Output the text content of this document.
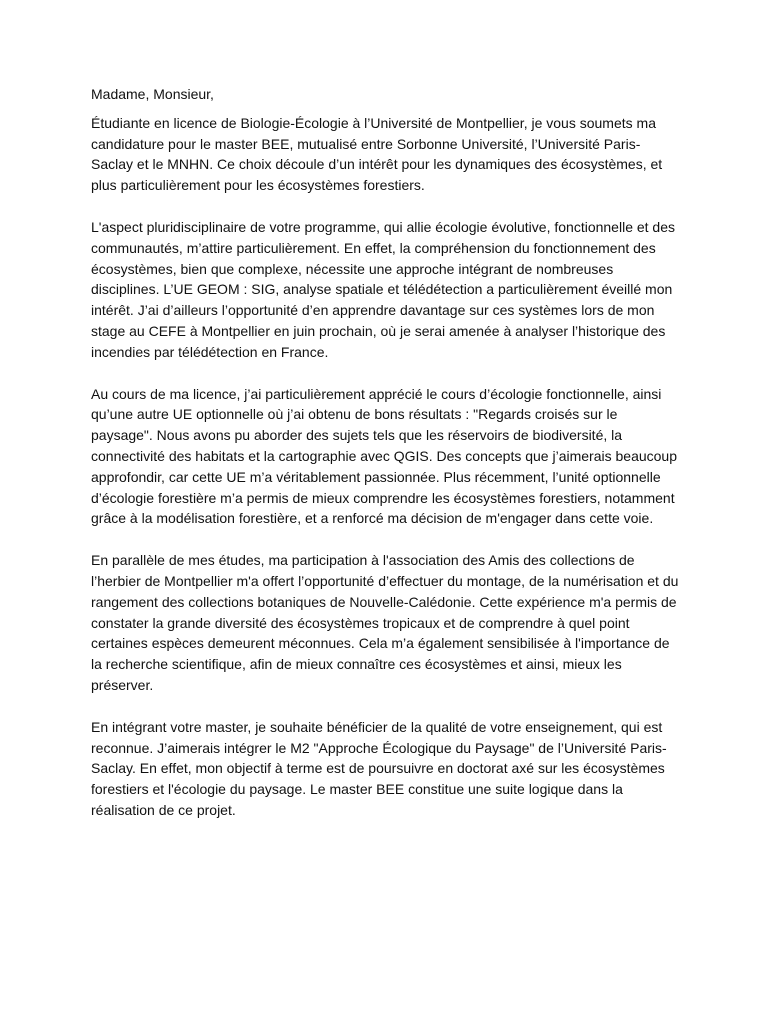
Madame, Monsieur,

Étudiante en licence de Biologie-Écologie à l’Université de Montpellier, je vous soumets ma candidature pour le master BEE, mutualisé entre Sorbonne Université, l’Université Paris-Saclay et le MNHN. Ce choix découle d’un intérêt pour les dynamiques des écosystèmes, et plus particulièrement pour les écosystèmes forestiers.

L'aspect pluridisciplinaire de votre programme, qui allie écologie évolutive, fonctionnelle et des communautés, m’attire particulièrement. En effet, la compréhension du fonctionnement des écosystèmes, bien que complexe, nécessite une approche intégrant de nombreuses disciplines. L’UE GEOM : SIG, analyse spatiale et télédétection a particulièrement éveillé mon intérêt. J’ai d’ailleurs l’opportunité d’en apprendre davantage sur ces systèmes lors de mon stage au CEFE à Montpellier en juin prochain, où je serai amenée à analyser l’historique des incendies par télédétection en France.

Au cours de ma licence, j’ai particulièrement apprécié le cours d’écologie fonctionnelle, ainsi qu’une autre UE optionnelle où j’ai obtenu de bons résultats : "Regards croisés sur le paysage". Nous avons pu aborder des sujets tels que les réservoirs de biodiversité, la connectivité des habitats et la cartographie avec QGIS. Des concepts que j’aimerais beaucoup approfondir, car cette UE m’a véritablement passionnée. Plus récemment, l’unité optionnelle d’écologie forestière m’a permis de mieux comprendre les écosystèmes forestiers, notamment grâce à la modélisation forestière, et a renforcé ma décision de m'engager dans cette voie.

En parallèle de mes études, ma participation à l'association des Amis des collections de l’herbier de Montpellier m'a offert l’opportunité d’effectuer du montage, de la numérisation et du rangement des collections botaniques de Nouvelle-Calédonie. Cette expérience m'a permis de constater la grande diversité des écosystèmes tropicaux et de comprendre à quel point certaines espèces demeurent méconnues. Cela m’a également sensibilisée à l'importance de la recherche scientifique, afin de mieux connaître ces écosystèmes et ainsi, mieux les préserver.

En intégrant votre master, je souhaite bénéficier de la qualité de votre enseignement, qui est reconnue. J’aimerais intégrer le M2 "Approche Écologique du Paysage" de l’Université Paris-Saclay. En effet, mon objectif à terme est de poursuivre en doctorat axé sur les écosystèmes forestiers et l'écologie du paysage. Le master BEE constitue une suite logique dans la réalisation de ce projet.
